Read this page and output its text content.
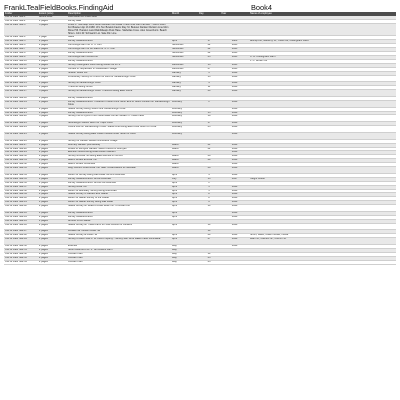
FrankLTealFieldBooks.FindingAid	Book4
Folder	Extent (size)	Description	Month	Day	Year	Name of employee
CDHS Files Teal 1	Bound book	Field Book MC 1988-1990				
CDHS Files Teal 2	2 pages	survey data				
CDHS Files Teal 3	3 pages	Frank L. Teal Map 1988 South Boulder fire Break. Fresh Ana Sien Farmed. Thoren Farm For Bowser Ajo 1b 1968. W.L Ten Bowick Fawm Ray. M. Bulewn Darden Division Line Mon Rose Hill. Haratun Land Rabbitleaps Rust Hase. Stabolias Cove. Alex Greenhurst. Beach Shien. John W. Schwartz Lot. Sale Rd. Line.				
CDHS Files Teal 4	1 page	blank				
CDHS Files Teal 5	2 pages	survey measurements	April	17	1986	Bishop Lot; Mulberry St.; Cove Lot; Cuttingham Land
CDHS Files Teal 6	2 pages	Cummings Farm for S. H. Olin	November	22	1995	
CDHS Files Teal 7	2 pages	Cummings Farm of Mt Stairs for S. H. Olin	November	22	1995	
CDHS Files Teal 8	2 pages	survey measurements	November	22	1995	
CDHS Files Teal 9	2 pages	Cummings Farm Wood Lot	November	25	1995	C. B. Cuttingham Farm
CDHS Files Teal 10	2 pages	survey measurements				J. C. Brown Lot
CDHS Files Teal 11	2 pages	Survey Cuttingham Farm Along Wood Lot for S.	December	13	1995	
CDHS Files Teal 12	2 pages	Corbett Pl. Expansion in Woodsbach Village	December	27	1995	
CDHS Files Teal 13	2 pages	Shaffer Wood Lot	January	3	1996	
CDHS Files Teal 14	2 pages	Preliminary Survey for Church of Lord for Vandenburgh Cove	January	13	1996	
CDHS Files Teal 15	2 pages	Survey at Vandenburgh Cove	January	4	1996	
CDHS Files Teal 16	2 pages	Thevenin Along Shore	January	11	1996	
CDHS Files Teal 17	3 pages	Survey at Vandenburgh Cove. Thevenin Along East Shore	January	20	1996	
CDHS Files Teal 18	2 pages	survey measurements				
CDHS Files Teal 19	2 pages	survey measurements. Traverse in South Fork North End of South Cohesh on Vandenburgh Cove	February	1	1996	
CDHS Files Teal 20	2 pages	Stable Survey Along Shore Line Vandenburgh Cove	February		1996	
CDHS Files Teal 21	2 pages	survey measurements	February	15	1996	
CDHS Files Teal 22	3 pages	Survey Lot for Lynch From South East Corner William H. Heller Lane	February	18	1996	
CDHS Files Teal 23	2 pages	Soundings Hudson River for Traps Cove	February	17	1996	
CDHS Files Teal 24	2 pages	Check Line on Vandenburgh Cove. Stable Line Along East Cove South Of Cove	February	25	1996	
CDHS Files Teal 25	2 pages	Stable Survey Along East Coast Hudson River South of Cove	February		1996	
CDHS Files Teal 26	2 pages	Survey for Delbert Decker Rhinebeck Village				
CDHS Files Teal 27	2 pages	Morthey Garden (Birchwood)	March	21	1996	
CDHS Files Teal 28	2 pages	Levels of Mortlyes Garden. Beech Levels of Mortlyes	March	22	1996	
CDHS Files Teal 29	2 pages	Election Levels Along Road Rosen Garden			1996	
CDHS Files Teal 30	2 pages	Survey at Rose Hill Along East Bounds of Old Lot	March	28	1996	
CDHS Files Teal 31	2 pages	Beech Levels at Rose Hill	March	29	1996	
CDHS Files Teal 32	2 pages	Beech Levels Continued	March		1996	
CDHS Files Teal 33	2 pages	May, Asmuth Lows Rose Hill. Sale: Observations for Meridian	March	28	1996	
CDHS Files Teal 34	2 pages	Rose Hill Survey Along Rail Road: All ALL Assumed	April	4	1996	
CDHS Files Teal 35	2 pages	survey measurements. All As Assumed	July	13	1997	Height house
CDHS Files Teal 36	2 pages	survey measurements. All ALL As Assumed	April	1		
CDHS Files Teal 37	2 pages	Survey Rose Hill	April	5	1996	
CDHS Files Teal 38	2 pages	Rose Hill Boundary Survey Along Rail Road	April	5	1996	
CDHS Files Teal 39	2 pages	Stable Survey in Garden and Stable	April	8	1996	
CDHS Files Teal 40	2 pages	Rose Hill Stable Survey of the Grade	April	8	1996	
CDHS Files Teal 41	2 pages	Rose Hill Stable Survey Along Rail Road	April	9	1996	
CDHS Files Teal 42	2 pages	Stable Survey on Road to Rose Rose Hill. To Rosen Lot	April	10	1996	
CDHS Files Teal 43	2 pages	survey measurements	April		1996	
CDHS Files Teal 44	2 pages	survey measurements	April		1996	
CDHS Files Teal 45	2 pages	Around Pond Stable				
CDHS Files Teal 46	2 pages	Stable Survey on Travel Farm to Hook Woods for Dickens	April	14	1996	
CDHS Files Teal 47	2 pages	Location at Hudson Rose Hill		14		
CDHS Files Teal 48	2 pages	Stable Survey at Rose Hill	April	29	1996	Smith; Walts; Coach house; house
CDHS Files Teal 49	2 pages	Survey of Red Hook F. W. Love Property - Survey with Lime Maker Land Fishmasta	April	27	1996	Main St.; Cannon St.; Church St.
CDHS Files Teal 50	2 pages	Extends	May		1996	
CDHS Files Teal 51	2 pages	South Bounds of W. L. Ten Broeck Farm	May			
CDHS Files Teal 52	2 pages	Chester Park	May	14		
CDHS Files Teal 53	2 pages	Chester Park	May	25		
CDHS Files Teal 54	2 pages	Chester Park	May	25		
